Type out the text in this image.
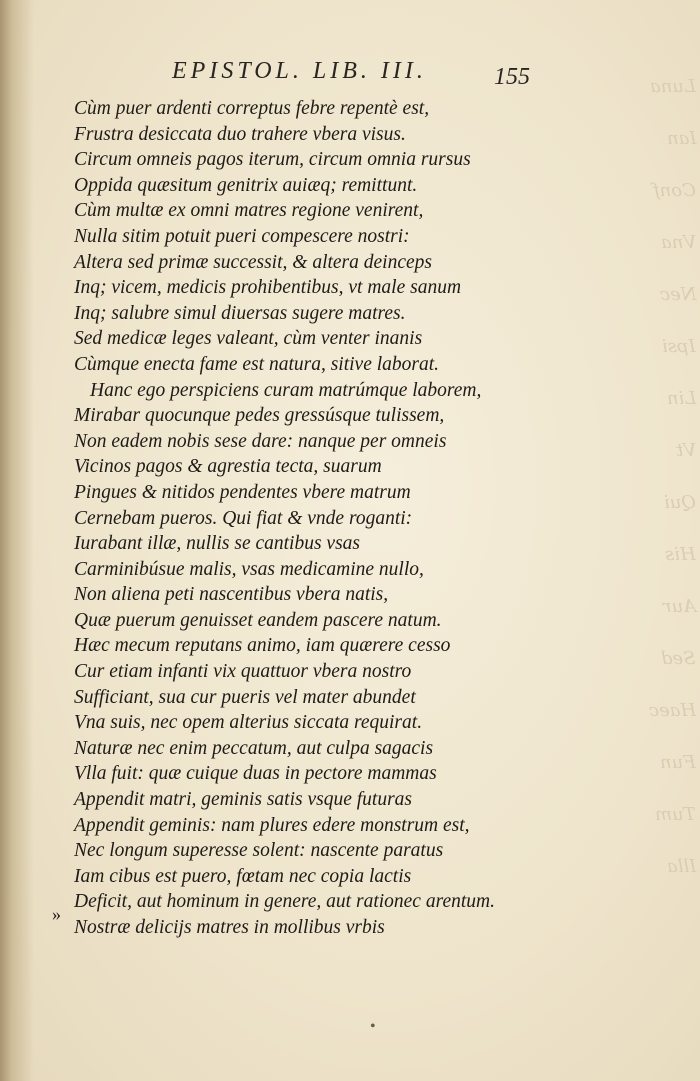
Luna
Ian
Conf
Vna
Nec
Ipsi
Lin
Vt
Qui
His
Aur
Sed
Haec
Fun
Tum
Illa
EPISTOL. LIB. III.	155
Cùm puer ardenti correptus febre repentè est,
Frustra desiccata duo trahere vbera visus.
Circum omneis pagos iterum, circum omnia rursus
Oppida quæsitum genitrix auiæq; remittunt.
Cùm multæ ex omni matres regione venirent,
Nulla sitim potuit pueri compescere nostri:
Altera sed primæ successit, & altera deinceps
Inq; vicem, medicis prohibentibus, vt male sanum
Inq; salubre simul diuersas sugere matres.
Sed medicæ leges valeant, cùm venter inanis
Cùmque enecta fame est natura, sitive laborat.
Hanc ego perspiciens curam matrúmque laborem,
Mirabar quocunque pedes gressúsque tulissem,
Non eadem nobis sese dare: nanque per omneis
Vicinos pagos & agrestia tecta, suarum
Pingues & nitidos pendentes vbere matrum
Cernebam pueros. Qui fiat & vnde roganti:
Iurabant illæ, nullis se cantibus vsas
Carminibúsue malis, vsas medicamine nullo,
Non aliena peti nascentibus vbera natis,
Quæ puerum genuisset eandem pascere natum.
Hæc mecum reputans animo, iam quærere cesso
Cur etiam infanti vix quattuor vbera nostro
Sufficiant, sua cur pueris vel mater abundet
Vna suis, nec opem alterius siccata requirat.
Naturæ nec enim peccatum, aut culpa sagacis
Vlla fuit: quæ cuique duas in pectore mammas
Appendit matri, geminis satis vsque futuras
Appendit geminis: nam plures edere monstrum est,
Nec longum superesse solent: nascente paratus
Iam cibus est puero, fœtam nec copia lactis
Deficit, aut hominum in genere, aut rationec arentum.
Nostræ delicijs matres in mollibus vrbis
»
•
